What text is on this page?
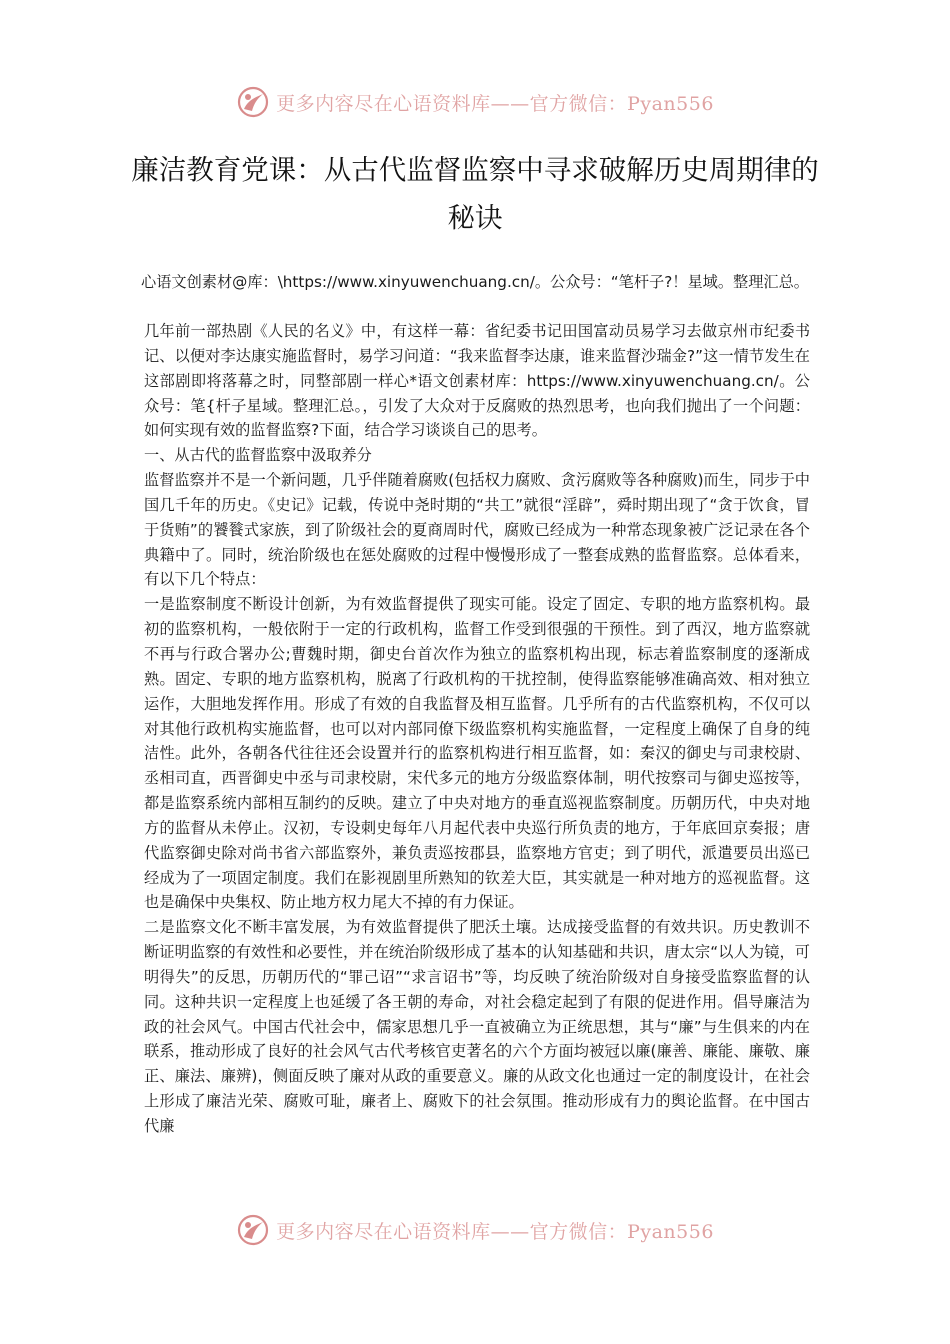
更多内容尽在心语资料库——官方微信：Pyan556
廉洁教育党课：从古代监督监察中寻求破解历史周期律的秘诀

心语文创素材@库：\https://www.xinyuwenchuang.cn/。公众号：“笔杆子?！星域。整理汇总。

几年前一部热剧《人民的名义》中，有这样一幕：省纪委书记田国富动员易学习去做京州市纪委书记、以便对李达康实施监督时，易学习问道：“我来监督李达康，谁来监督沙瑞金?”这一情节发生在这部剧即将落幕之时，同整部剧一样心*语文创素材库：https://www.xinyuwenchuang.cn/。公众号：笔{杆子星域。整理汇总。，引发了大众对于反腐败的热烈思考，也向我们抛出了一个问题：如何实现有效的监督监察?下面，结合学习谈谈自己的思考。

一、从古代的监督监察中汲取养分

监督监察并不是一个新问题，几乎伴随着腐败(包括权力腐败、贪污腐败等各种腐败)而生，同步于中国几千年的历史。《史记》记载，传说中尧时期的“共工”就很“淫辟”，舜时期出现了“贪于饮食，冒于货贿”的饕餮式家族，到了阶级社会的夏商周时代，腐败已经成为一种常态现象被广泛记录在各个典籍中了。同时，统治阶级也在惩处腐败的过程中慢慢形成了一整套成熟的监督监察。总体看来，有以下几个特点：

一是监察制度不断设计创新，为有效监督提供了现实可能。设定了固定、专职的地方监察机构。最初的监察机构，一般依附于一定的行政机构，监督工作受到很强的干预性。到了西汉，地方监察就不再与行政合署办公;曹魏时期，御史台首次作为独立的监察机构出现，标志着监察制度的逐渐成熟。固定、专职的地方监察机构，脱离了行政机构的干扰控制，使得监察能够准确高效、相对独立运作，大胆地发挥作用。形成了有效的自我监督及相互监督。几乎所有的古代监察机构，不仅可以对其他行政机构实施监督，也可以对内部同僚下级监察机构实施监督，一定程度上确保了自身的纯洁性。此外，各朝各代往往还会设置并行的监察机构进行相互监督，如：秦汉的御史与司隶校尉、丞相司直，西晋御史中丞与司隶校尉，宋代多元的地方分级监察体制，明代按察司与御史巡按等，都是监察系统内部相互制约的反映。建立了中央对地方的垂直巡视监察制度。历朝历代，中央对地方的监督从未停止。汉初，专设刺史每年八月起代表中央巡行所负责的地方，于年底回京奏报；唐代监察御史除对尚书省六部监察外，兼负责巡按郡县，监察地方官吏；到了明代，派遣要员出巡已经成为了一项固定制度。我们在影视剧里所熟知的钦差大臣，其实就是一种对地方的巡视监督。这也是确保中央集权、防止地方权力尾大不掉的有力保证。

二是监察文化不断丰富发展，为有效监督提供了肥沃土壤。达成接受监督的有效共识。历史教训不断证明监察的有效性和必要性，并在统治阶级形成了基本的认知基础和共识，唐太宗“以人为镜，可明得失”的反思，历朝历代的“罪己诏”“求言诏书”等，均反映了统治阶级对自身接受监察监督的认同。这种共识一定程度上也延缓了各王朝的寿命，对社会稳定起到了有限的促进作用。倡导廉洁为政的社会风气。中国古代社会中，儒家思想几乎一直被确立为正统思想，其与“廉”与生俱来的内在联系，推动形成了良好的社会风气古代考核官吏著名的六个方面均被冠以廉(廉善、廉能、廉敬、廉正、廉法、廉辨)，侧面反映了廉对从政的重要意义。廉的从政文化也通过一定的制度设计，在社会上形成了廉洁光荣、腐败可耻，廉者上、腐败下的社会氛围。推动形成有力的舆论监督。在中国古代廉

更多内容尽在心语资料库——官方微信：Pyan556
